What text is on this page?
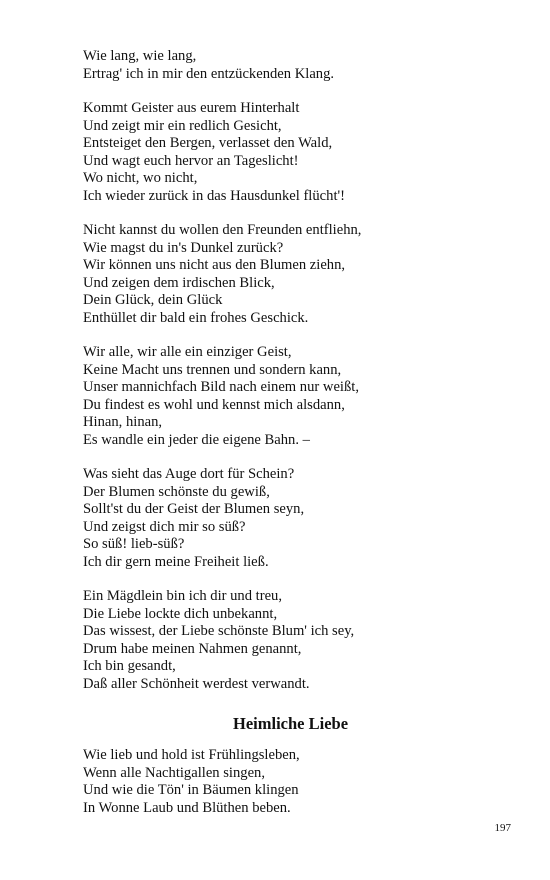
Wie lang, wie lang,
Ertrag' ich in mir den entzückenden Klang.
Kommt Geister aus eurem Hinterhalt
Und zeigt mir ein redlich Gesicht,
Entsteiget den Bergen, verlasset den Wald,
Und wagt euch hervor an Tageslicht!
Wo nicht, wo nicht,
Ich wieder zurück in das Hausdunkel flücht'!
Nicht kannst du wollen den Freunden entfliehn,
Wie magst du in's Dunkel zurück?
Wir können uns nicht aus den Blumen ziehn,
Und zeigen dem irdischen Blick,
Dein Glück, dein Glück
Enthüllet dir bald ein frohes Geschick.
Wir alle, wir alle ein einziger Geist,
Keine Macht uns trennen und sondern kann,
Unser mannichfach Bild nach einem nur weißt,
Du findest es wohl und kennst mich alsdann,
Hinan, hinan,
Es wandle ein jeder die eigene Bahn. –
Was sieht das Auge dort für Schein?
Der Blumen schönste du gewiß,
Sollt'st du der Geist der Blumen seyn,
Und zeigst dich mir so süß?
So süß! lieb-süß?
Ich dir gern meine Freiheit ließ.
Ein Mägdlein bin ich dir und treu,
Die Liebe lockte dich unbekannt,
Das wissest, der Liebe schönste Blum' ich sey,
Drum habe meinen Nahmen genannt,
Ich bin gesandt,
Daß aller Schönheit werdest verwandt.
Heimliche Liebe
Wie lieb und hold ist Frühlingsleben,
Wenn alle Nachtigallen singen,
Und wie die Tön' in Bäumen klingen
In Wonne Laub und Blüthen beben.
197
